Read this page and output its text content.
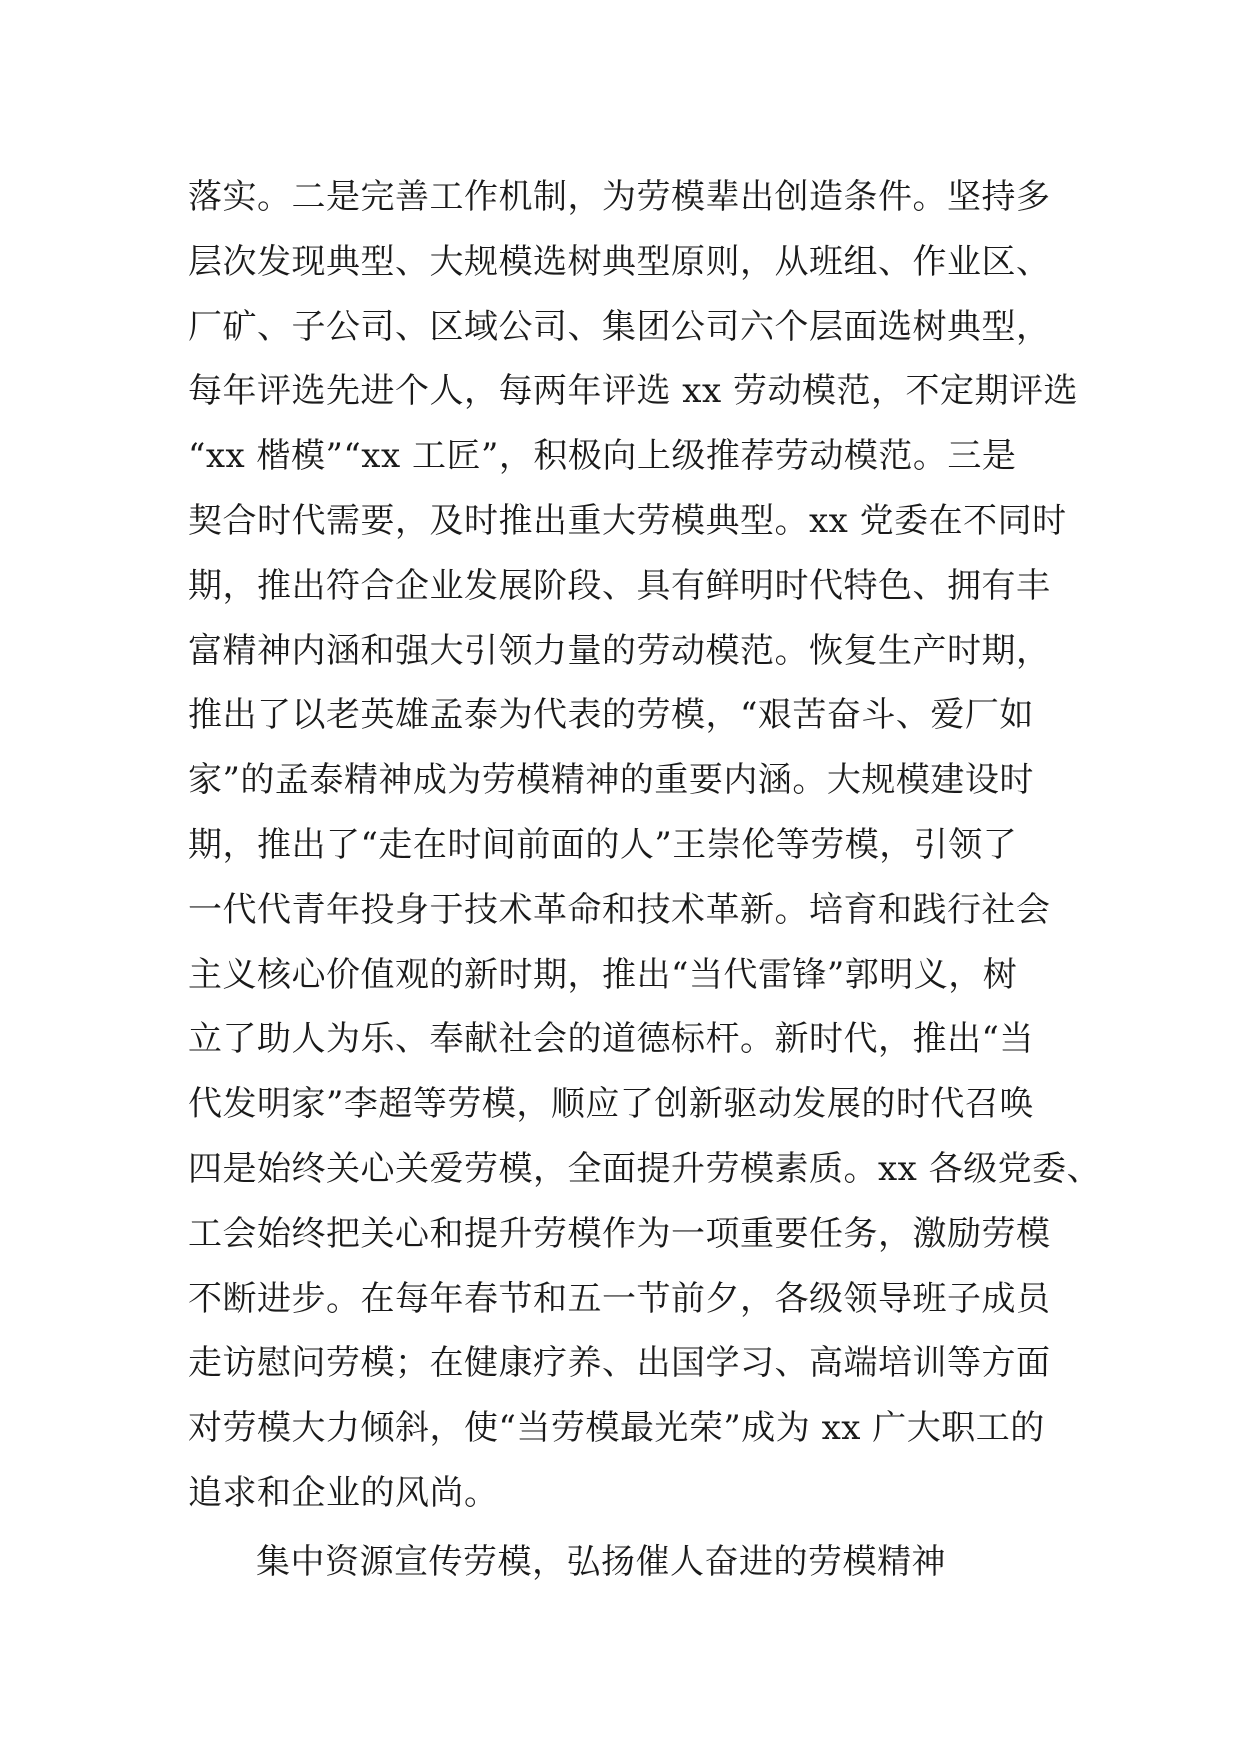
落实。二是完善工作机制，为劳模辈出创造条件。坚持多
层次发现典型、大规模选树典型原则，从班组、作业区、
厂矿、子公司、区域公司、集团公司六个层面选树典型，
每年评选先进个人，每两年评选 xx 劳动模范，不定期评选
“xx 楷模”“xx 工匠”，积极向上级推荐劳动模范。三是
契合时代需要，及时推出重大劳模典型。xx 党委在不同时
期，推出符合企业发展阶段、具有鲜明时代特色、拥有丰
富精神内涵和强大引领力量的劳动模范。恢复生产时期，
推出了以老英雄孟泰为代表的劳模，“艰苦奋斗、爱厂如
家”的孟泰精神成为劳模精神的重要内涵。大规模建设时
期，推出了“走在时间前面的人”王崇伦等劳模，引领了
一代代青年投身于技术革命和技术革新。培育和践行社会
主义核心价值观的新时期，推出“当代雷锋”郭明义，树
立了助人为乐、奉献社会的道德标杆。新时代，推出“当
代发明家”李超等劳模，顺应了创新驱动发展的时代召唤
四是始终关心关爱劳模，全面提升劳模素质。xx 各级党委、
工会始终把关心和提升劳模作为一项重要任务，激励劳模
不断进步。在每年春节和五一节前夕，各级领导班子成员
走访慰问劳模；在健康疗养、出国学习、高端培训等方面
对劳模大力倾斜，使“当劳模最光荣”成为 xx 广大职工的
追求和企业的风尚。
集中资源宣传劳模，弘扬催人奋进的劳模精神
